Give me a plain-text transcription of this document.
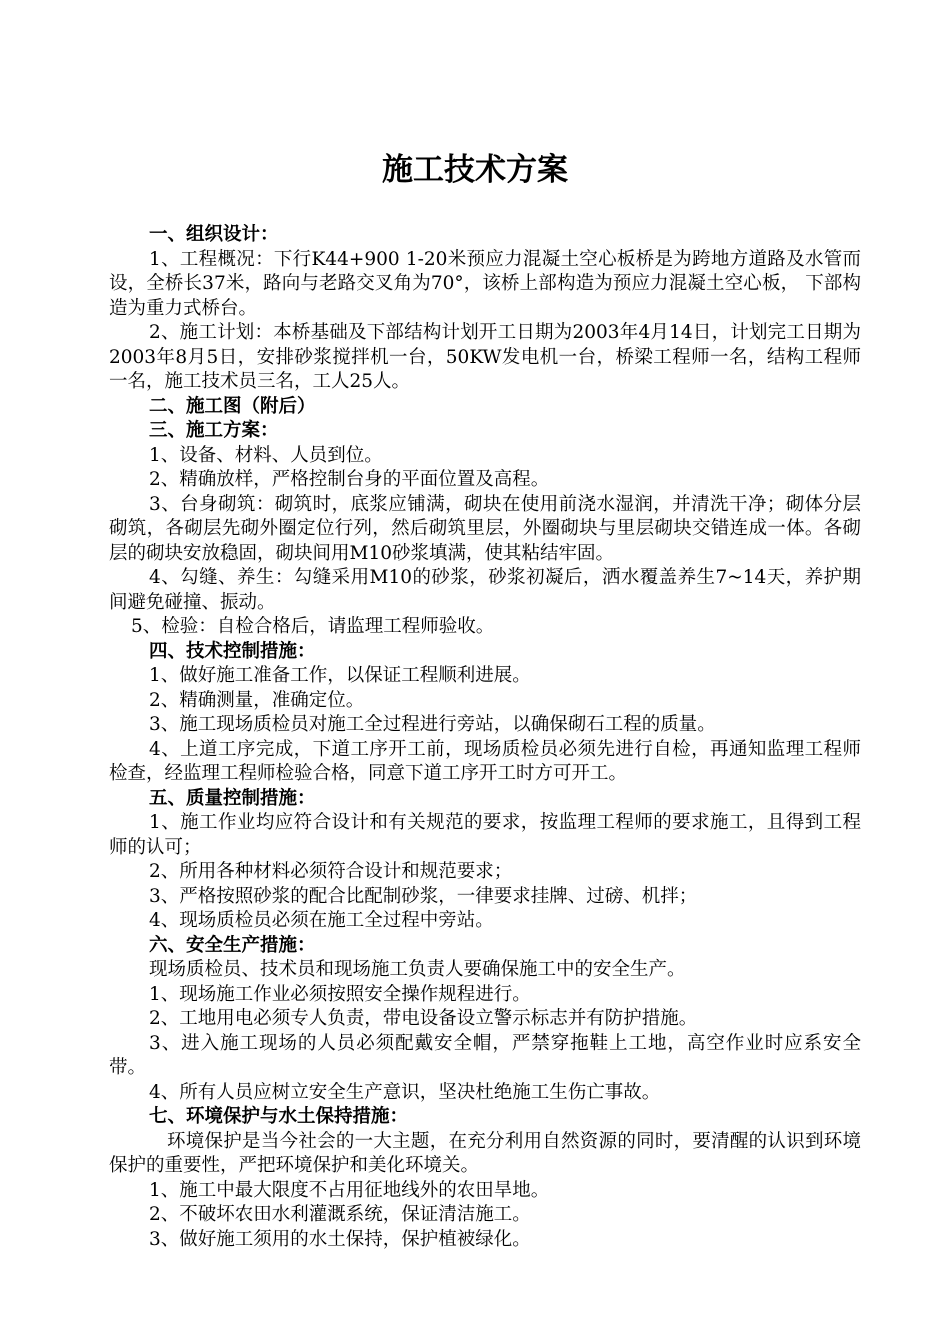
施工技术方案

一、组织设计：

1、工程概况：下行K44+900 1-20米预应力混凝土空心板桥是为跨地方道路及水管而设，全桥长37米，路向与老路交叉角为70°，该桥上部构造为预应力混凝土空心板， 下部构造为重力式桥台。

2、施工计划：本桥基础及下部结构计划开工日期为2003年4月14日，计划完工日期为2003年8月5日，安排砂浆搅拌机一台，50KW发电机一台，桥梁工程师一名，结构工程师一名，施工技术员三名，工人25人。

二、施工图（附后）

三、施工方案：

1、设备、材料、人员到位。

2、精确放样，严格控制台身的平面位置及高程。

3、台身砌筑：砌筑时，底浆应铺满，砌块在使用前浇水湿润，并清洗干净；砌体分层砌筑，各砌层先砌外圈定位行列，然后砌筑里层，外圈砌块与里层砌块交错连成一体。各砌层的砌块安放稳固，砌块间用M10砂浆填满，使其粘结牢固。

4、勾缝、养生：勾缝采用M10的砂浆，砂浆初凝后，洒水覆盖养生7~14天，养护期间避免碰撞、振动。

5、检验：自检合格后，请监理工程师验收。

四、技术控制措施：

1、做好施工准备工作，以保证工程顺利进展。

2、精确测量，准确定位。

3、施工现场质检员对施工全过程进行旁站，以确保砌石工程的质量。

4、上道工序完成，下道工序开工前，现场质检员必须先进行自检，再通知监理工程师检查，经监理工程师检验合格，同意下道工序开工时方可开工。

五、质量控制措施：

1、施工作业均应符合设计和有关规范的要求，按监理工程师的要求施工，且得到工程师的认可；

2、所用各种材料必须符合设计和规范要求；

3、严格按照砂浆的配合比配制砂浆，一律要求挂牌、过磅、机拌；

4、现场质检员必须在施工全过程中旁站。

六、安全生产措施：

现场质检员、技术员和现场施工负责人要确保施工中的安全生产。

1、现场施工作业必须按照安全操作规程进行。

2、工地用电必须专人负责，带电设备设立警示标志并有防护措施。

3、进入施工现场的人员必须配戴安全帽，严禁穿拖鞋上工地，高空作业时应系安全带。

4、所有人员应树立安全生产意识，坚决杜绝施工生伤亡事故。

七、环境保护与水土保持措施：

环境保护是当今社会的一大主题，在充分利用自然资源的同时，要清醒的认识到环境保护的重要性，严把环境保护和美化环境关。

1、施工中最大限度不占用征地线外的农田旱地。

2、不破坏农田水利灌溉系统，保证清洁施工。

3、做好施工须用的水土保持，保护植被绿化。
